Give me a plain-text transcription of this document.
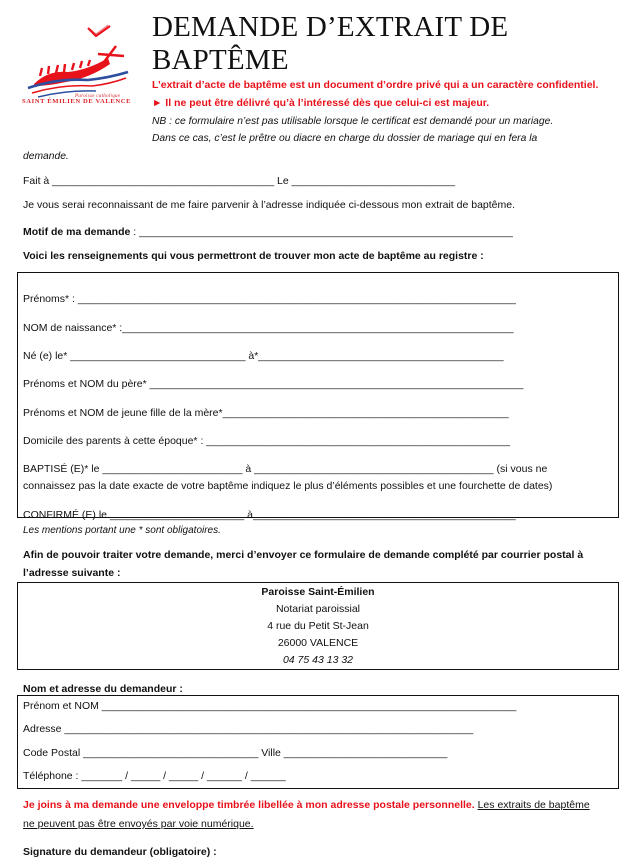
Paroisse catholique
SAINT ÉMILIEN DE VALENCE
DEMANDE D’EXTRAIT DE
BAPTÊME
L’extrait d’acte de baptême est un document d’ordre privé qui a un caractère confidentiel.
► Il ne peut être délivré qu’à l’intéressé dès que celui-ci est majeur.
NB : ce formulaire n’est pas utilisable lorsque le certificat est demandé pour un mariage.
Dans ce cas, c’est le prêtre ou diacre en charge du dossier de mariage qui en fera la
demande.
Fait à ______________________________________ Le ____________________________
Je vous serai reconnaissant de me faire parvenir à l’adresse indiquée ci-dessous mon extrait de baptême.
Motif de ma demande : ________________________________________________________________
Voici les renseignements qui vous permettront de trouver mon acte de baptême au registre :
Prénoms* : ___________________________________________________________________________
NOM de naissance* :___________________________________________________________________
Né (e) le* ______________________________ à*__________________________________________
Prénoms et NOM du père* ________________________________________________________________
Prénoms et NOM de jeune fille de la mère*_________________________________________________
Domicile des parents à cette époque* : ____________________________________________________
BAPTISÉ (E)* le ________________________ à _________________________________________ (si vous ne
connaissez pas la date exacte de votre baptême indiquez le plus d’éléments possibles et une fourchette de dates)
CONFIRMÉ (E) le _______________________ à_____________________________________________
Les mentions portant une * sont obligatoires.
Afin de pouvoir traiter votre demande, merci d’envoyer ce formulaire de demande complété par courrier postal à
l’adresse suivante :
Paroisse Saint-Émilien
Notariat paroissial
4 rue du Petit St-Jean
26000 VALENCE
04 75 43 13 32
Nom et adresse du demandeur :
Prénom et NOM _______________________________________________________________________
Adresse ______________________________________________________________________
Code Postal ______________________________ Ville ____________________________
Téléphone : _______ / _____ / _____ / ______ / ______
Je joins à ma demande une enveloppe timbrée libellée à mon adresse postale personnelle. Les extraits de baptême
ne peuvent pas être envoyés par voie numérique.
Signature du demandeur (obligatoire) :
